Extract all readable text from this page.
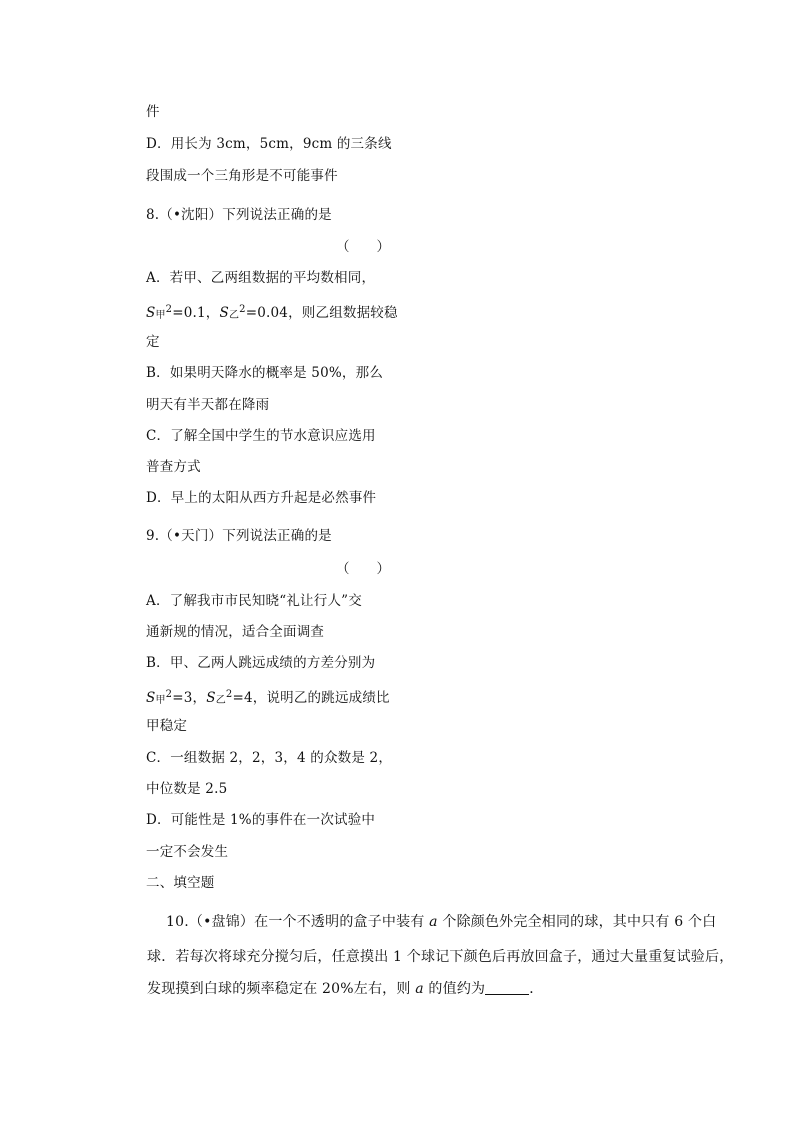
件
D．用长为 3cm，5cm，9cm 的三条线
段围成一个三角形是不可能事件
8.（•沈阳）下列说法正确的是
（　　）
A．若甲、乙两组数据的平均数相同，
S甲$^2$=0.1，S乙$^2$=0.04，则乙组数据较稳
定
B．如果明天降水的概率是 50%，那么
明天有半天都在降雨
C．了解全国中学生的节水意识应选用
普查方式
D．早上的太阳从西方升起是必然事件
9.（•天门）下列说法正确的是
（　　）
A．了解我市市民知晓“礼让行人”交
通新规的情况，适合全面调查
B．甲、乙两人跳远成绩的方差分别为
S甲$^2$=3，S乙$^2$=4，说明乙的跳远成绩比
甲稳定
C．一组数据 2，2，3，4 的众数是 2，
中位数是 2.5
D．可能性是 1%的事件在一次试验中
一定不会发生
二、填空题
10.（•盘锦）在一个不透明的盒子中装有 a 个除颜色外完全相同的球，其中只有 6 个白
球．若每次将球充分搅匀后，任意摸出 1 个球记下颜色后再放回盒子，通过大量重复试验后，
发现摸到白球的频率稳定在 20%左右，则 a 的值约为	．
